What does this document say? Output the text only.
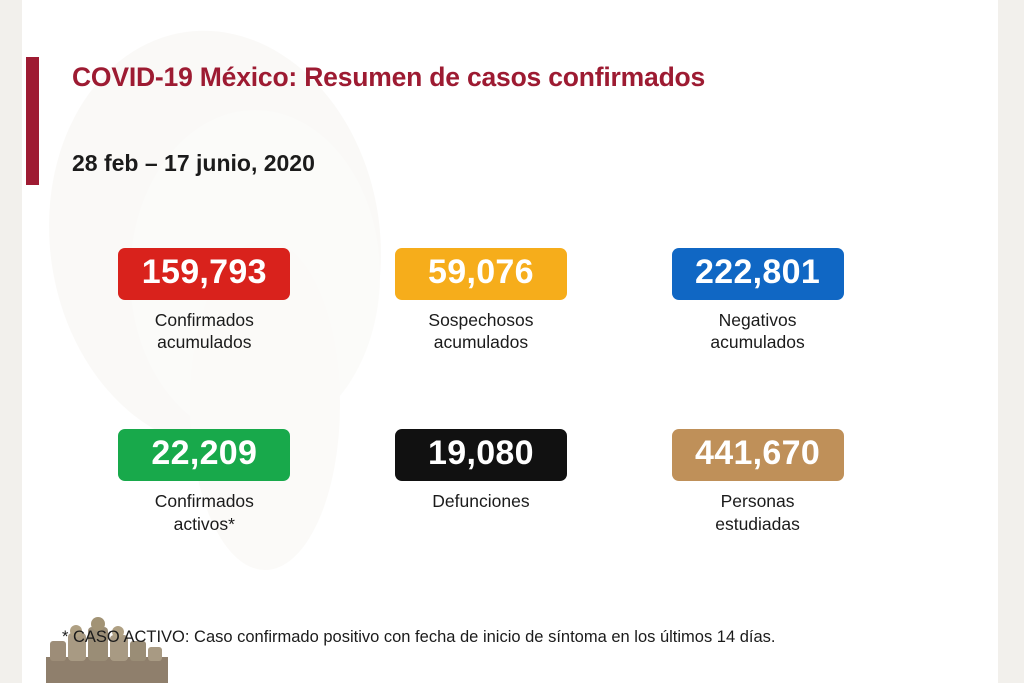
COVID-19 México: Resumen de casos confirmados
28 feb – 17 junio, 2020
159,793
Confirmados
acumulados
59,076
Sospechosos
acumulados
222,801
Negativos
acumulados
22,209
Confirmados
activos*
19,080
Defunciones
441,670
Personas
estudiadas
* CASO ACTIVO: Caso confirmado positivo con fecha de inicio de síntoma en los últimos 14 días.
